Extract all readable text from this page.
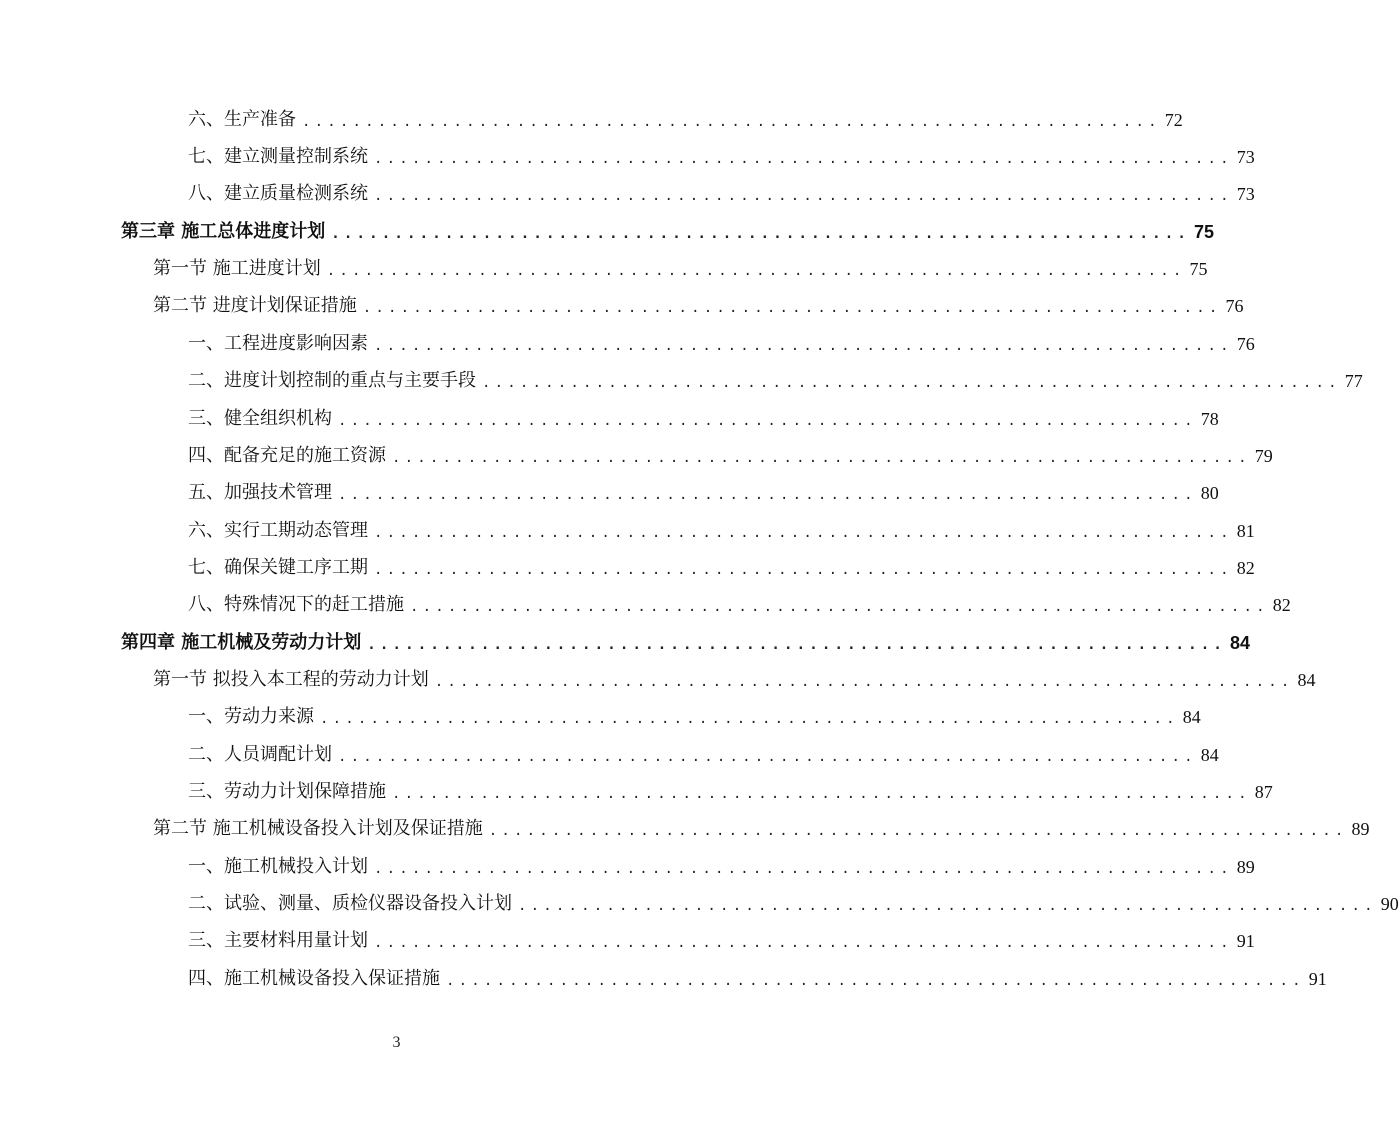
六、生产准备 .................................................................... 72
七、建立测量控制系统 .................................................................... 73
八、建立质量检测系统 .................................................................... 73
第三章 施工总体进度计划 .................................................................... 75
第一节 施工进度计划 .................................................................... 75
第二节 进度计划保证措施 .................................................................... 76
一、工程进度影响因素 .................................................................... 76
二、进度计划控制的重点与主要手段 .................................................................... 77
三、健全组织机构 .................................................................... 78
四、配备充足的施工资源 .................................................................... 79
五、加强技术管理 .................................................................... 80
六、实行工期动态管理 .................................................................... 81
七、确保关键工序工期 .................................................................... 82
八、特殊情况下的赶工措施 .................................................................... 82
第四章 施工机械及劳动力计划 .................................................................... 84
第一节 拟投入本工程的劳动力计划 .................................................................... 84
一、劳动力来源 .................................................................... 84
二、人员调配计划 .................................................................... 84
三、劳动力计划保障措施 .................................................................... 87
第二节 施工机械设备投入计划及保证措施 .................................................................... 89
一、施工机械投入计划 .................................................................... 89
二、试验、测量、质检仪器设备投入计划 .................................................................... 90
三、主要材料用量计划 .................................................................... 91
四、施工机械设备投入保证措施 .................................................................... 91
3
